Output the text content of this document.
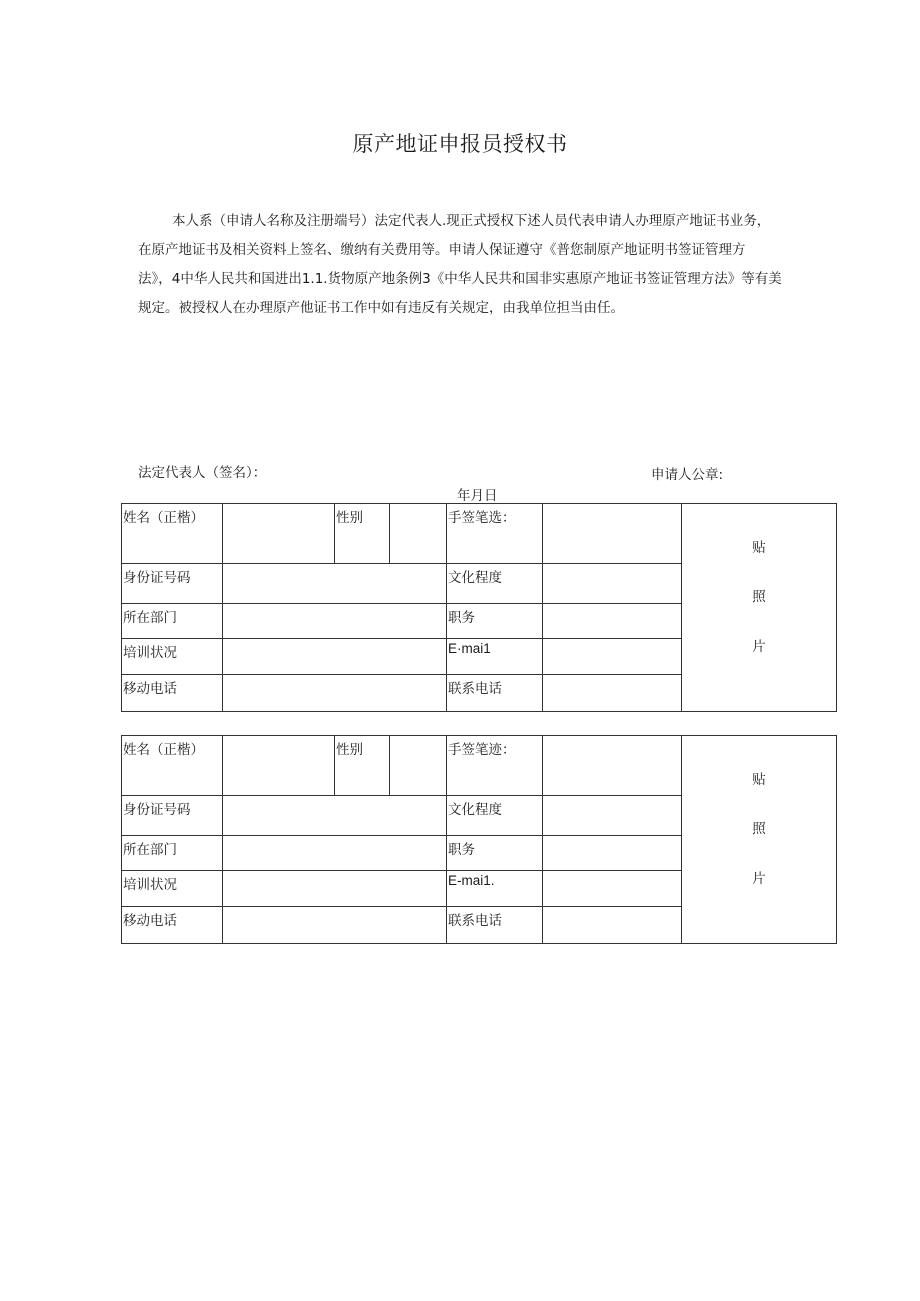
原产地证申报员授权书

本人系（申请人名称及注册端号）法定代表人.现正式授权下述人员代表申请人办理原产地证书业务，

在原产地证书及相关资料上签名、缴纳有关费用等。申请人保证遵守《普您制原产地证明书签证管理方

法》，4中华人民共和国进出1.1.货物原产地条例3《中华人民共和国非实惠原产地证书签证管理方法》等有美

规定。被授权人在办理原产他证书工作中如有违反有关规定，由我单位担当由任。

法定代表人（签名）：	申请人公章:
年月日
姓名（正楷）		性别		手签笔选：		贴
照
片

身份证号码				文化程度		
所在部门				职务		
培训状况				E·mai1		
移动电话				联系电话		
姓名（正楷）		性别		手签笔迹：		贴
照
片

身份证号码				文化程度		
所在部门				职务		
培训状况				E-mai1.		
移动电话				联系电话		
